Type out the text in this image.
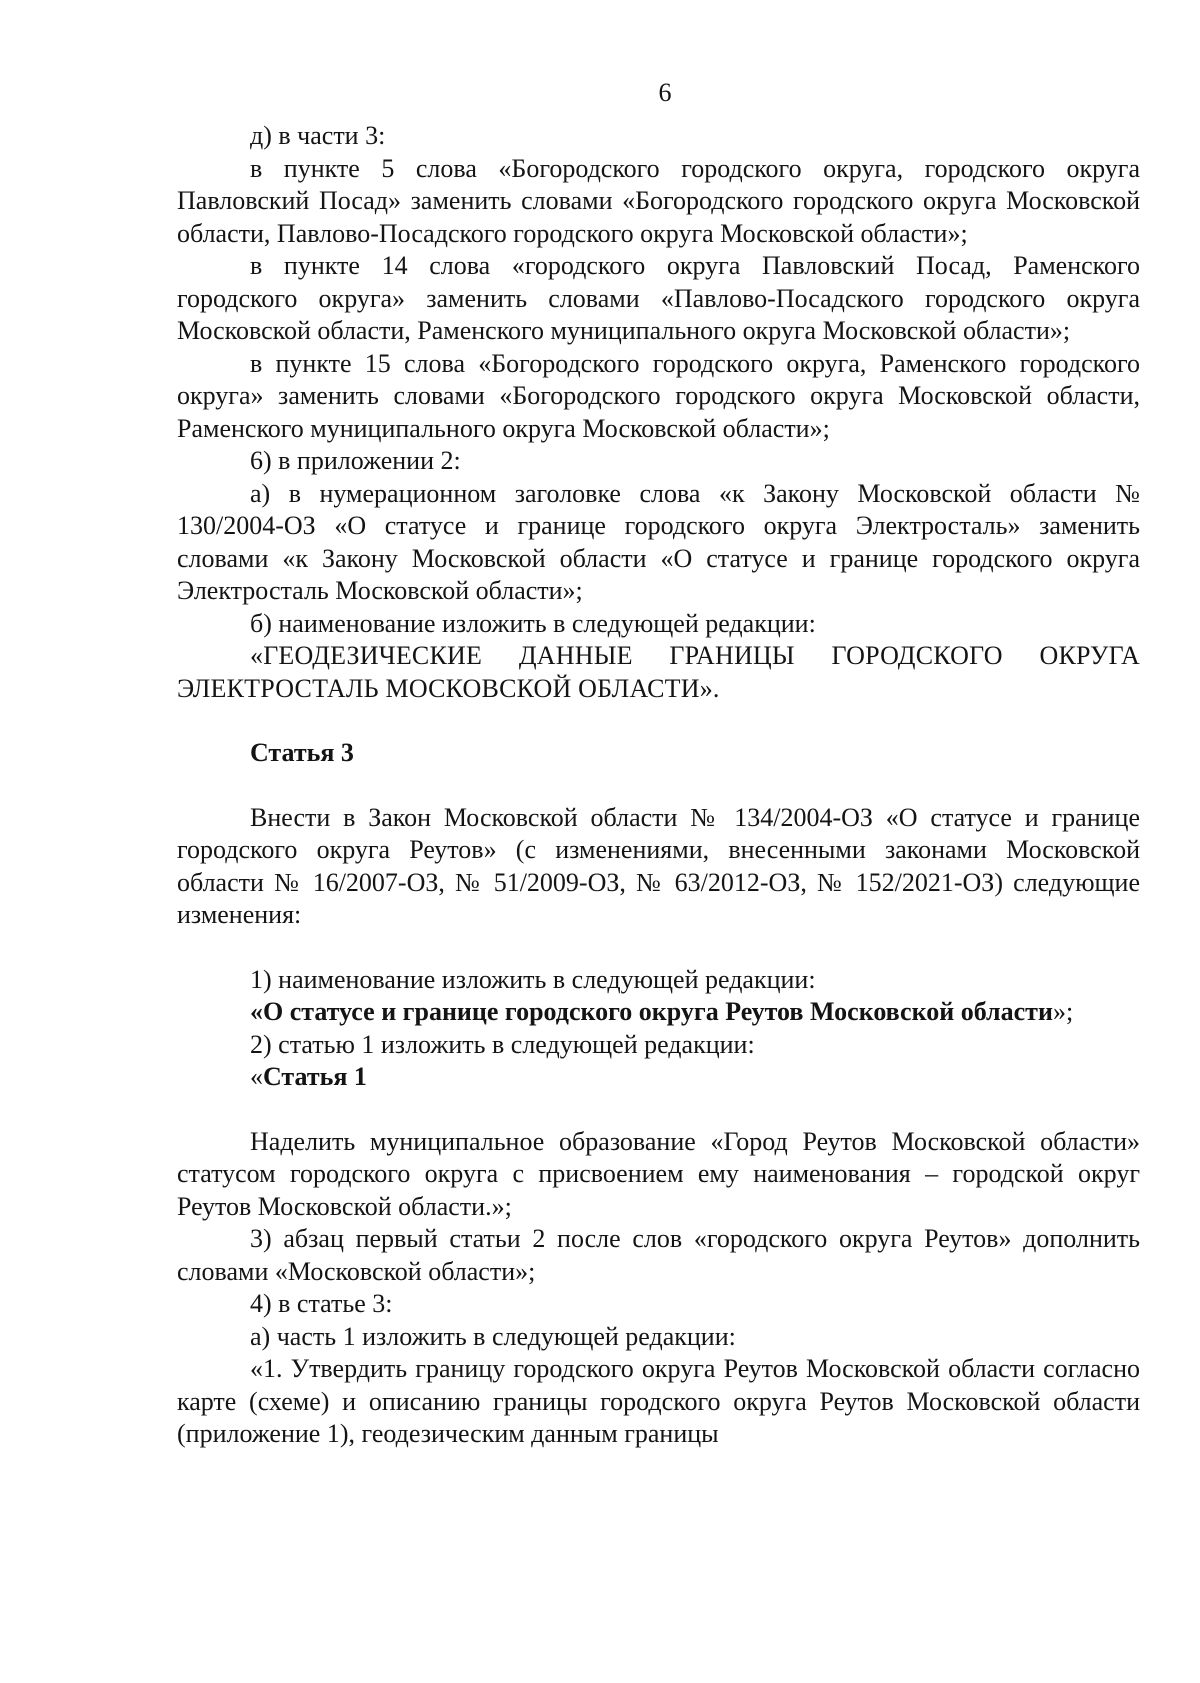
6

д) в части 3:

в пункте 5 слова «Богородского городского округа, городского округа Павловский Посад» заменить словами «Богородского городского округа Московской области, Павлово-Посадского городского округа Московской области»;

в пункте 14 слова «городского округа Павловский Посад, Раменского городского округа» заменить словами «Павлово-Посадского городского округа Московской области, Раменского муниципального округа Московской области»;

в пункте 15 слова «Богородского городского округа, Раменского городского округа» заменить словами «Богородского городского округа Московской области, Раменского муниципального округа Московской области»;

6) в приложении 2:

а) в нумерационном заголовке слова «к Закону Московской области № 130/2004-ОЗ «О статусе и границе городского округа Электросталь» заменить словами «к Закону Московской области «О статусе и границе городского округа Электросталь Московской области»;

б) наименование изложить в следующей редакции:

«ГЕОДЕЗИЧЕСКИЕ ДАННЫЕ ГРАНИЦЫ ГОРОДСКОГО ОКРУГА ЭЛЕКТРОСТАЛЬ МОСКОВСКОЙ ОБЛАСТИ».

Статья 3

Внести в Закон Московской области № 134/2004-ОЗ «О статусе и границе городского округа Реутов» (с изменениями, внесенными законами Московской области № 16/2007-ОЗ, № 51/2009-ОЗ, № 63/2012-ОЗ, № 152/2021-ОЗ) следующие изменения:

1) наименование изложить в следующей редакции:

«О статусе и границе городского округа Реутов Московской области»;

2) статью 1 изложить в следующей редакции:

«Статья 1

Наделить муниципальное образование «Город Реутов Московской области» статусом городского округа с присвоением ему наименования – городской округ Реутов Московской области.»;

3) абзац первый статьи 2 после слов «городского округа Реутов» дополнить словами «Московской области»;

4) в статье 3:

а) часть 1 изложить в следующей редакции:

«1. Утвердить границу городского округа Реутов Московской области согласно карте (схеме) и описанию границы городского округа Реутов Московской области (приложение 1), геодезическим данным границы
